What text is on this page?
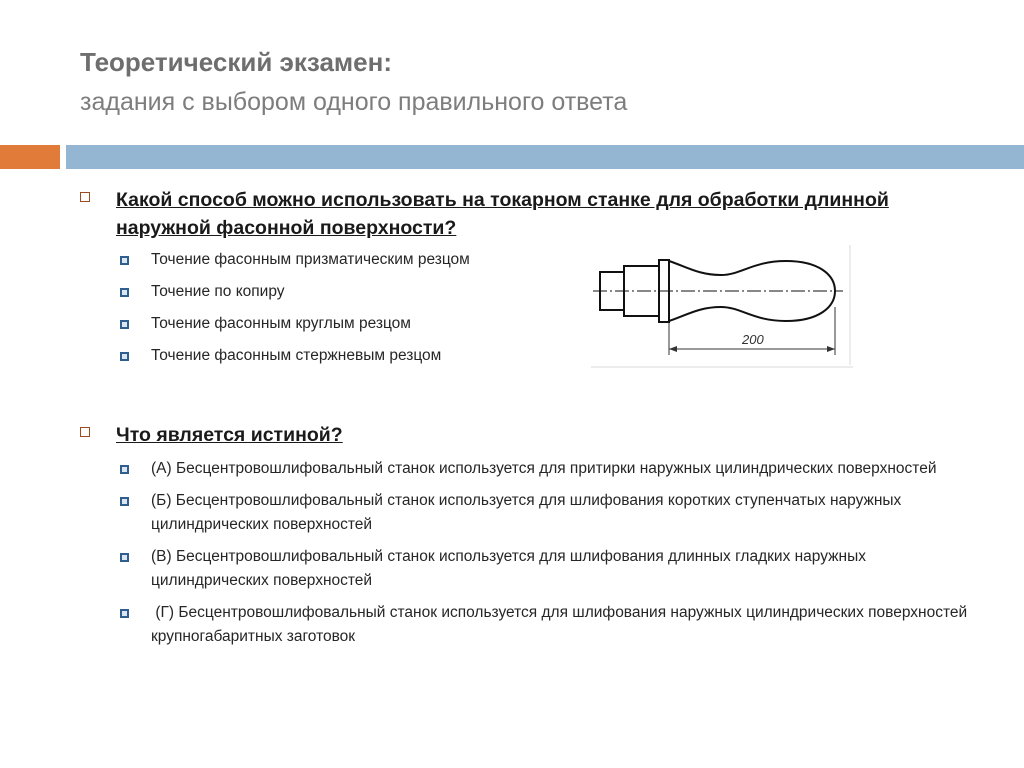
Теоретический экзамен:
задания с выбором одного правильного ответа
Какой способ можно использовать на токарном станке для обработки длинной наружной фасонной поверхности?
Точение фасонным призматическим резцом
Точение по копиру
Точение фасонным круглым резцом
Точение фасонным стержневым резцом
200
Что является истиной?
(А) Бесцентровошлифовальный станок используется для притирки наружных цилиндрических поверхностей
(Б) Бесцентровошлифовальный станок используется для шлифования коротких ступенчатых наружных цилиндрических поверхностей
(В) Бесцентровошлифовальный станок используется для шлифования длинных гладких наружных цилиндрических поверхностей
(Г) Бесцентровошлифовальный станок используется для шлифования наружных цилиндрических поверхностей крупногабаритных заготовок
